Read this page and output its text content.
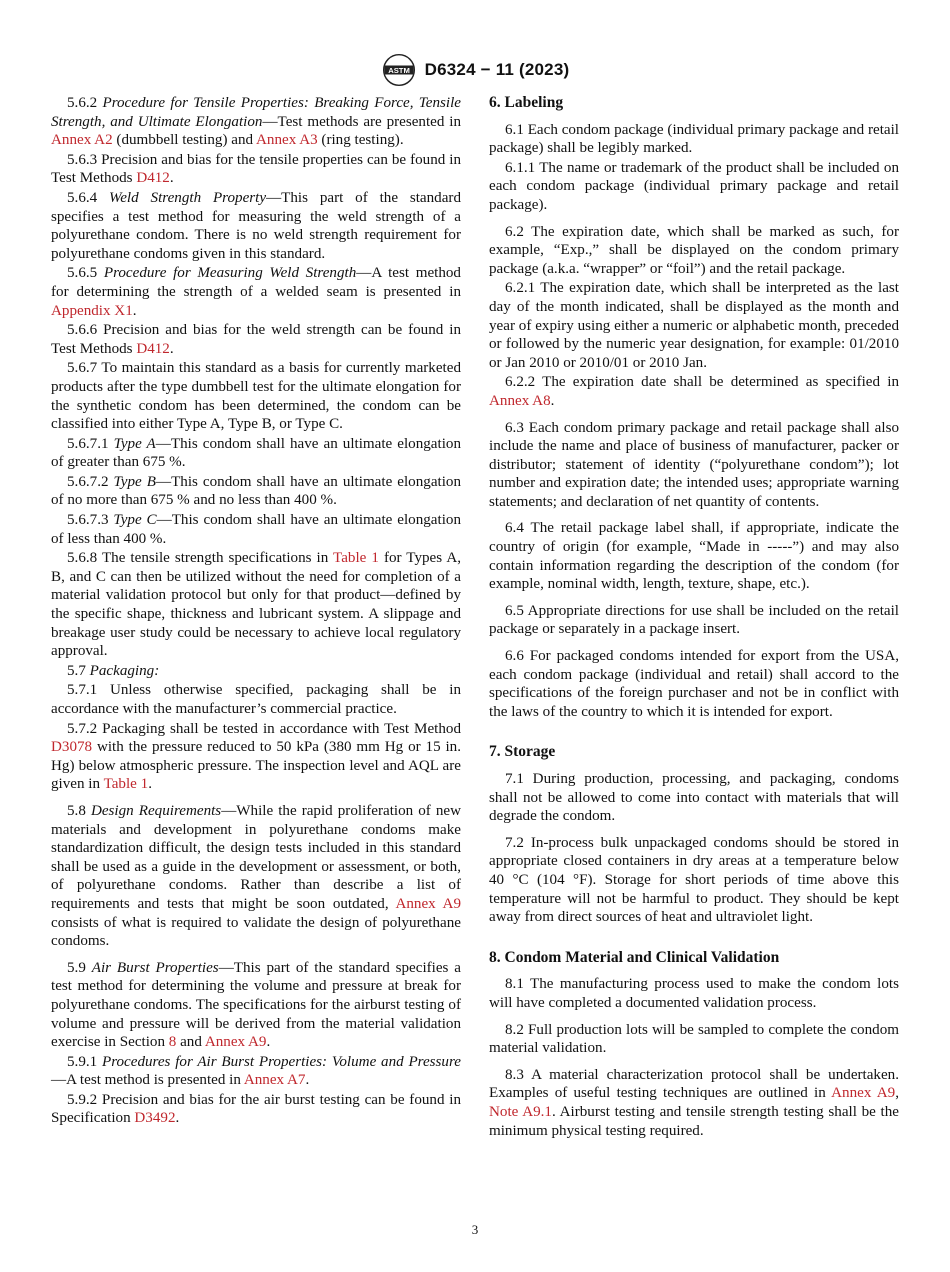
ASTM D6324 − 11 (2023)

5.6.2 Procedure for Tensile Properties: Breaking Force, Tensile Strength, and Ultimate Elongation—Test methods are presented in Annex A2 (dumbbell testing) and Annex A3 (ring testing).

5.6.3 Precision and bias for the tensile properties can be found in Test Methods D412.

5.6.4 Weld Strength Property—This part of the standard specifies a test method for measuring the weld strength of a polyurethane condom. There is no weld strength requirement for polyurethane condoms given in this standard.

5.6.5 Procedure for Measuring Weld Strength—A test method for determining the strength of a welded seam is presented in Appendix X1.

5.6.6 Precision and bias for the weld strength can be found in Test Methods D412.

5.6.7 To maintain this standard as a basis for currently marketed products after the type dumbbell test for the ultimate elongation for the synthetic condom has been determined, the condom can be classified into either Type A, Type B, or Type C.

5.6.7.1 Type A—This condom shall have an ultimate elongation of greater than 675 %.

5.6.7.2 Type B—This condom shall have an ultimate elongation of no more than 675 % and no less than 400 %.

5.6.7.3 Type C—This condom shall have an ultimate elongation of less than 400 %.

5.6.8 The tensile strength specifications in Table 1 for Types A, B, and C can then be utilized without the need for completion of a material validation protocol but only for that product—defined by the specific shape, thickness and lubricant system. A slippage and breakage user study could be necessary to achieve local regulatory approval.

5.7 Packaging:

5.7.1 Unless otherwise specified, packaging shall be in accordance with the manufacturer’s commercial practice.

5.7.2 Packaging shall be tested in accordance with Test Method D3078 with the pressure reduced to 50 kPa (380 mm Hg or 15 in. Hg) below atmospheric pressure. The inspection level and AQL are given in Table 1.

5.8 Design Requirements—While the rapid proliferation of new materials and development in polyurethane condoms make standardization difficult, the design tests included in this standard shall be used as a guide in the development or assessment, or both, of polyurethane condoms. Rather than describe a list of requirements and tests that might be soon outdated, Annex A9 consists of what is required to validate the design of polyurethane condoms.

5.9 Air Burst Properties—This part of the standard specifies a test method for determining the volume and pressure at break for polyurethane condoms. The specifications for the airburst testing of volume and pressure will be derived from the material validation exercise in Section 8 and Annex A9.

5.9.1 Procedures for Air Burst Properties: Volume and Pressure—A test method is presented in Annex A7.

5.9.2 Precision and bias for the air burst testing can be found in Specification D3492.

6. Labeling

6.1 Each condom package (individual primary package and retail package) shall be legibly marked.

6.1.1 The name or trademark of the product shall be included on each condom package (individual primary package and retail package).

6.2 The expiration date, which shall be marked as such, for example, “Exp.,” shall be displayed on the condom primary package (a.k.a. “wrapper” or “foil”) and the retail package.

6.2.1 The expiration date, which shall be interpreted as the last day of the month indicated, shall be displayed as the month and year of expiry using either a numeric or alphabetic month, preceded or followed by the numeric year designation, for example: 01/2010 or Jan 2010 or 2010/01 or 2010 Jan.

6.2.2 The expiration date shall be determined as specified in Annex A8.

6.3 Each condom primary package and retail package shall also include the name and place of business of manufacturer, packer or distributor; statement of identity (“polyurethane condom”); lot number and expiration date; the intended uses; appropriate warning statements; and declaration of net quantity of contents.

6.4 The retail package label shall, if appropriate, indicate the country of origin (for example, “Made in -----”) and may also contain information regarding the description of the condom (for example, nominal width, length, texture, shape, etc.).

6.5 Appropriate directions for use shall be included on the retail package or separately in a package insert.

6.6 For packaged condoms intended for export from the USA, each condom package (individual and retail) shall accord to the specifications of the foreign purchaser and not be in conflict with the laws of the country to which it is intended for export.

7. Storage

7.1 During production, processing, and packaging, condoms shall not be allowed to come into contact with materials that will degrade the condom.

7.2 In-process bulk unpackaged condoms should be stored in appropriate closed containers in dry areas at a temperature below 40 °C (104 °F). Storage for short periods of time above this temperature will not be harmful to product. They should be kept away from direct sources of heat and ultraviolet light.

8. Condom Material and Clinical Validation

8.1 The manufacturing process used to make the condom lots will have completed a documented validation process.

8.2 Full production lots will be sampled to complete the condom material validation.

8.3 A material characterization protocol shall be undertaken. Examples of useful testing techniques are outlined in Annex A9, Note A9.1. Airburst testing and tensile strength testing shall be the minimum physical testing required.

3
